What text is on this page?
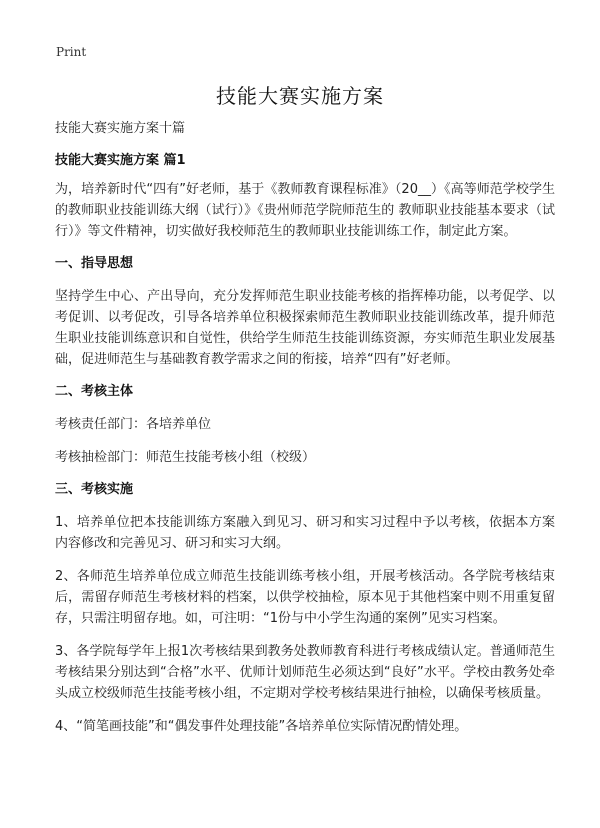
Print
技能大赛实施方案

技能大赛实施方案十篇

技能大赛实施方案 篇1

为，培养新时代“四有”好老师，基于《教师教育课程标准》（20__）《高等师范学校学生的教师职业技能训练大纲（试行）》《贵州师范学院师范生的 教师职业技能基本要求（试行）》等文件精神，切实做好我校师范生的教师职业技能训练工作，制定此方案。

一、指导思想

坚持学生中心、产出导向，充分发挥师范生职业技能考核的指挥棒功能，以考促学、以考促训、以考促改，引导各培养单位积极探索师范生教师职业技能训练改革，提升师范生职业技能训练意识和自觉性，供给学生师范生技能训练资源，夯实师范生职业发展基础，促进师范生与基础教育教学需求之间的衔接，培养“四有”好老师。

二、考核主体

考核责任部门：各培养单位

考核抽检部门：师范生技能考核小组（校级）

三、考核实施

1、培养单位把本技能训练方案融入到见习、研习和实习过程中予以考核，依据本方案内容修改和完善见习、研习和实习大纲。

2、各师范生培养单位成立师范生技能训练考核小组，开展考核活动。各学院考核结束后，需留存师范生考核材料的档案，以供学校抽检，原本见于其他档案中则不用重复留存，只需注明留存地。如，可注明：“1份与中小学生沟通的案例”见实习档案。

3、各学院每学年上报1次考核结果到教务处教师教育科进行考核成绩认定。普通师范生考核结果分别达到“合格”水平、优师计划师范生必须达到“良好”水平。学校由教务处牵头成立校级师范生技能考核小组，不定期对学校考核结果进行抽检，以确保考核质量。

4、“简笔画技能”和“偶发事件处理技能”各培养单位实际情况酌情处理。
